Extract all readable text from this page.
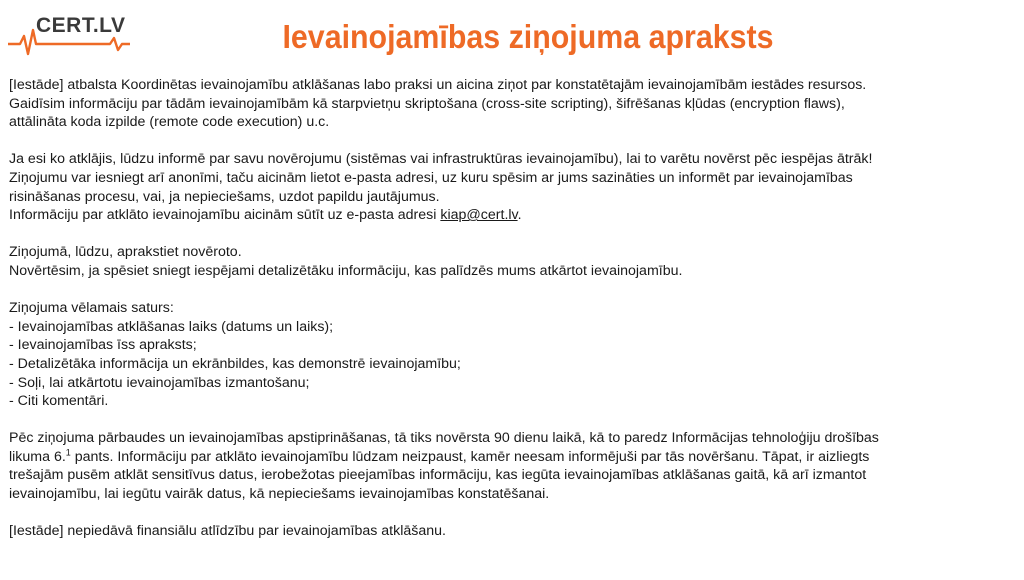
CERT.LV	Ievainojamības ziņojuma apraksts

[Iestāde] atbalsta Koordinētas ievainojamību atklāšanas labo praksi un aicina ziņot par konstatētajām ievainojamībām iestādes resursos.
Gaidīsim informāciju par tādām ievainojamībām kā starpvietņu skriptošana (cross-site scripting), šifrēšanas kļūdas (encryption flaws),
attālināta koda izpilde (remote code execution) u.c.

Ja esi ko atklājis, lūdzu informē par savu novērojumu (sistēmas vai infrastruktūras ievainojamību), lai to varētu novērst pēc iespējas ātrāk!
Ziņojumu var iesniegt arī anonīmi, taču aicinām lietot e-pasta adresi, uz kuru spēsim ar jums sazināties un informēt par ievainojamības
risināšanas procesu, vai, ja nepieciešams, uzdot papildu jautājumus.
Informāciju par atklāto ievainojamību aicinām sūtīt uz e-pasta adresi kiap@cert.lv.

Ziņojumā, lūdzu, aprakstiet novēroto.
Novērtēsim, ja spēsiet sniegt iespējami detalizētāku informāciju, kas palīdzēs mums atkārtot ievainojamību.

Ziņojuma vēlamais saturs:
- Ievainojamības atklāšanas laiks (datums un laiks);
- Ievainojamības īss apraksts;
- Detalizētāka informācija un ekrānbildes, kas demonstrē ievainojamību;
- Soļi, lai atkārtotu ievainojamības izmantošanu;
- Citi komentāri.

Pēc ziņojuma pārbaudes un ievainojamības apstiprināšanas, tā tiks novērsta 90 dienu laikā, kā to paredz Informācijas tehnoloģiju drošības
likuma 6.$^1$ pants. Informāciju par atklāto ievainojamību lūdzam neizpaust, kamēr neesam informējuši par tās novēršanu. Tāpat, ir aizliegts
trešajām pusēm atklāt sensitīvus datus, ierobežotas pieejamības informāciju, kas iegūta ievainojamības atklāšanas gaitā, kā arī izmantot
ievainojamību, lai iegūtu vairāk datus, kā nepieciešams ievainojamības konstatēšanai.

[Iestāde] nepiedāvā finansiālu atlīdzību par ievainojamības atklāšanu.
